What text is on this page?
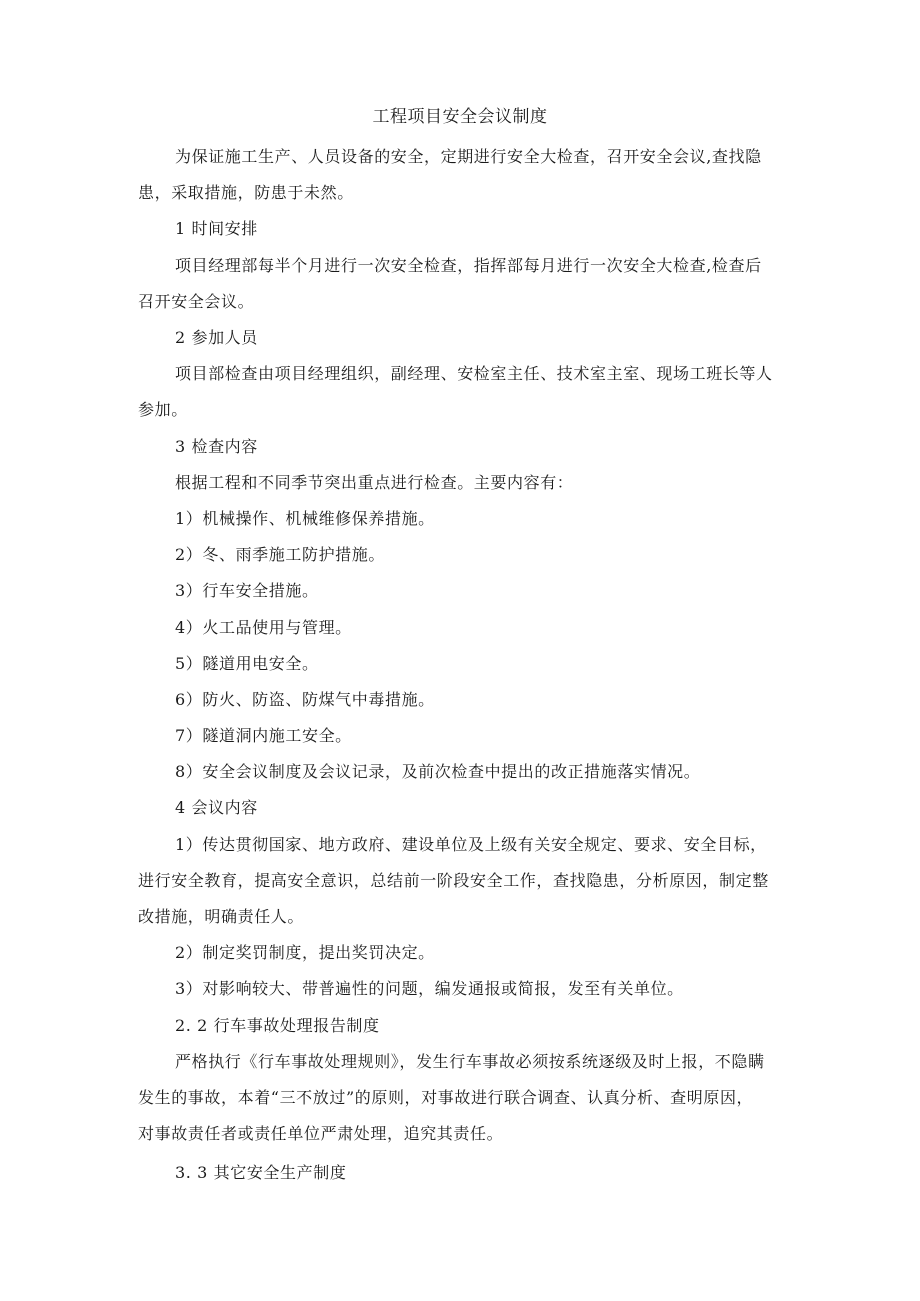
工程项目安全会议制度
为保证施工生产、人员设备的安全，定期进行安全大检查，召开安全会议,查找隐
患，采取措施，防患于未然。
1 时间安排
项目经理部每半个月进行一次安全检查，指挥部每月进行一次安全大检查,检查后
召开安全会议。
2 参加人员
项目部检查由项目经理组织，副经理、安检室主任、技术室主室、现场工班长等人
参加。
3 检查内容
根据工程和不同季节突出重点进行检查。主要内容有：
1）机械操作、机械维修保养措施。
2）冬、雨季施工防护措施。
3）行车安全措施。
4）火工品使用与管理。
5）隧道用电安全。
6）防火、防盗、防煤气中毒措施。
7）隧道洞内施工安全。
8）安全会议制度及会议记录，及前次检查中提出的改正措施落实情况。
4 会议内容
1）传达贯彻国家、地方政府、建设单位及上级有关安全规定、要求、安全目标，
进行安全教育，提高安全意识，总结前一阶段安全工作，查找隐患，分析原因，制定整
改措施，明确责任人。
2）制定奖罚制度，提出奖罚决定。
3）对影响较大、带普遍性的问题，编发通报或简报，发至有关单位。
2. 2 行车事故处理报告制度
严格执行《行车事故处理规则》，发生行车事故必须按系统逐级及时上报，不隐瞒
发生的事故，本着“三不放过”的原则，对事故进行联合调查、认真分析、查明原因，
对事故责任者或责任单位严肃处理，追究其责任。
3. 3 其它安全生产制度
